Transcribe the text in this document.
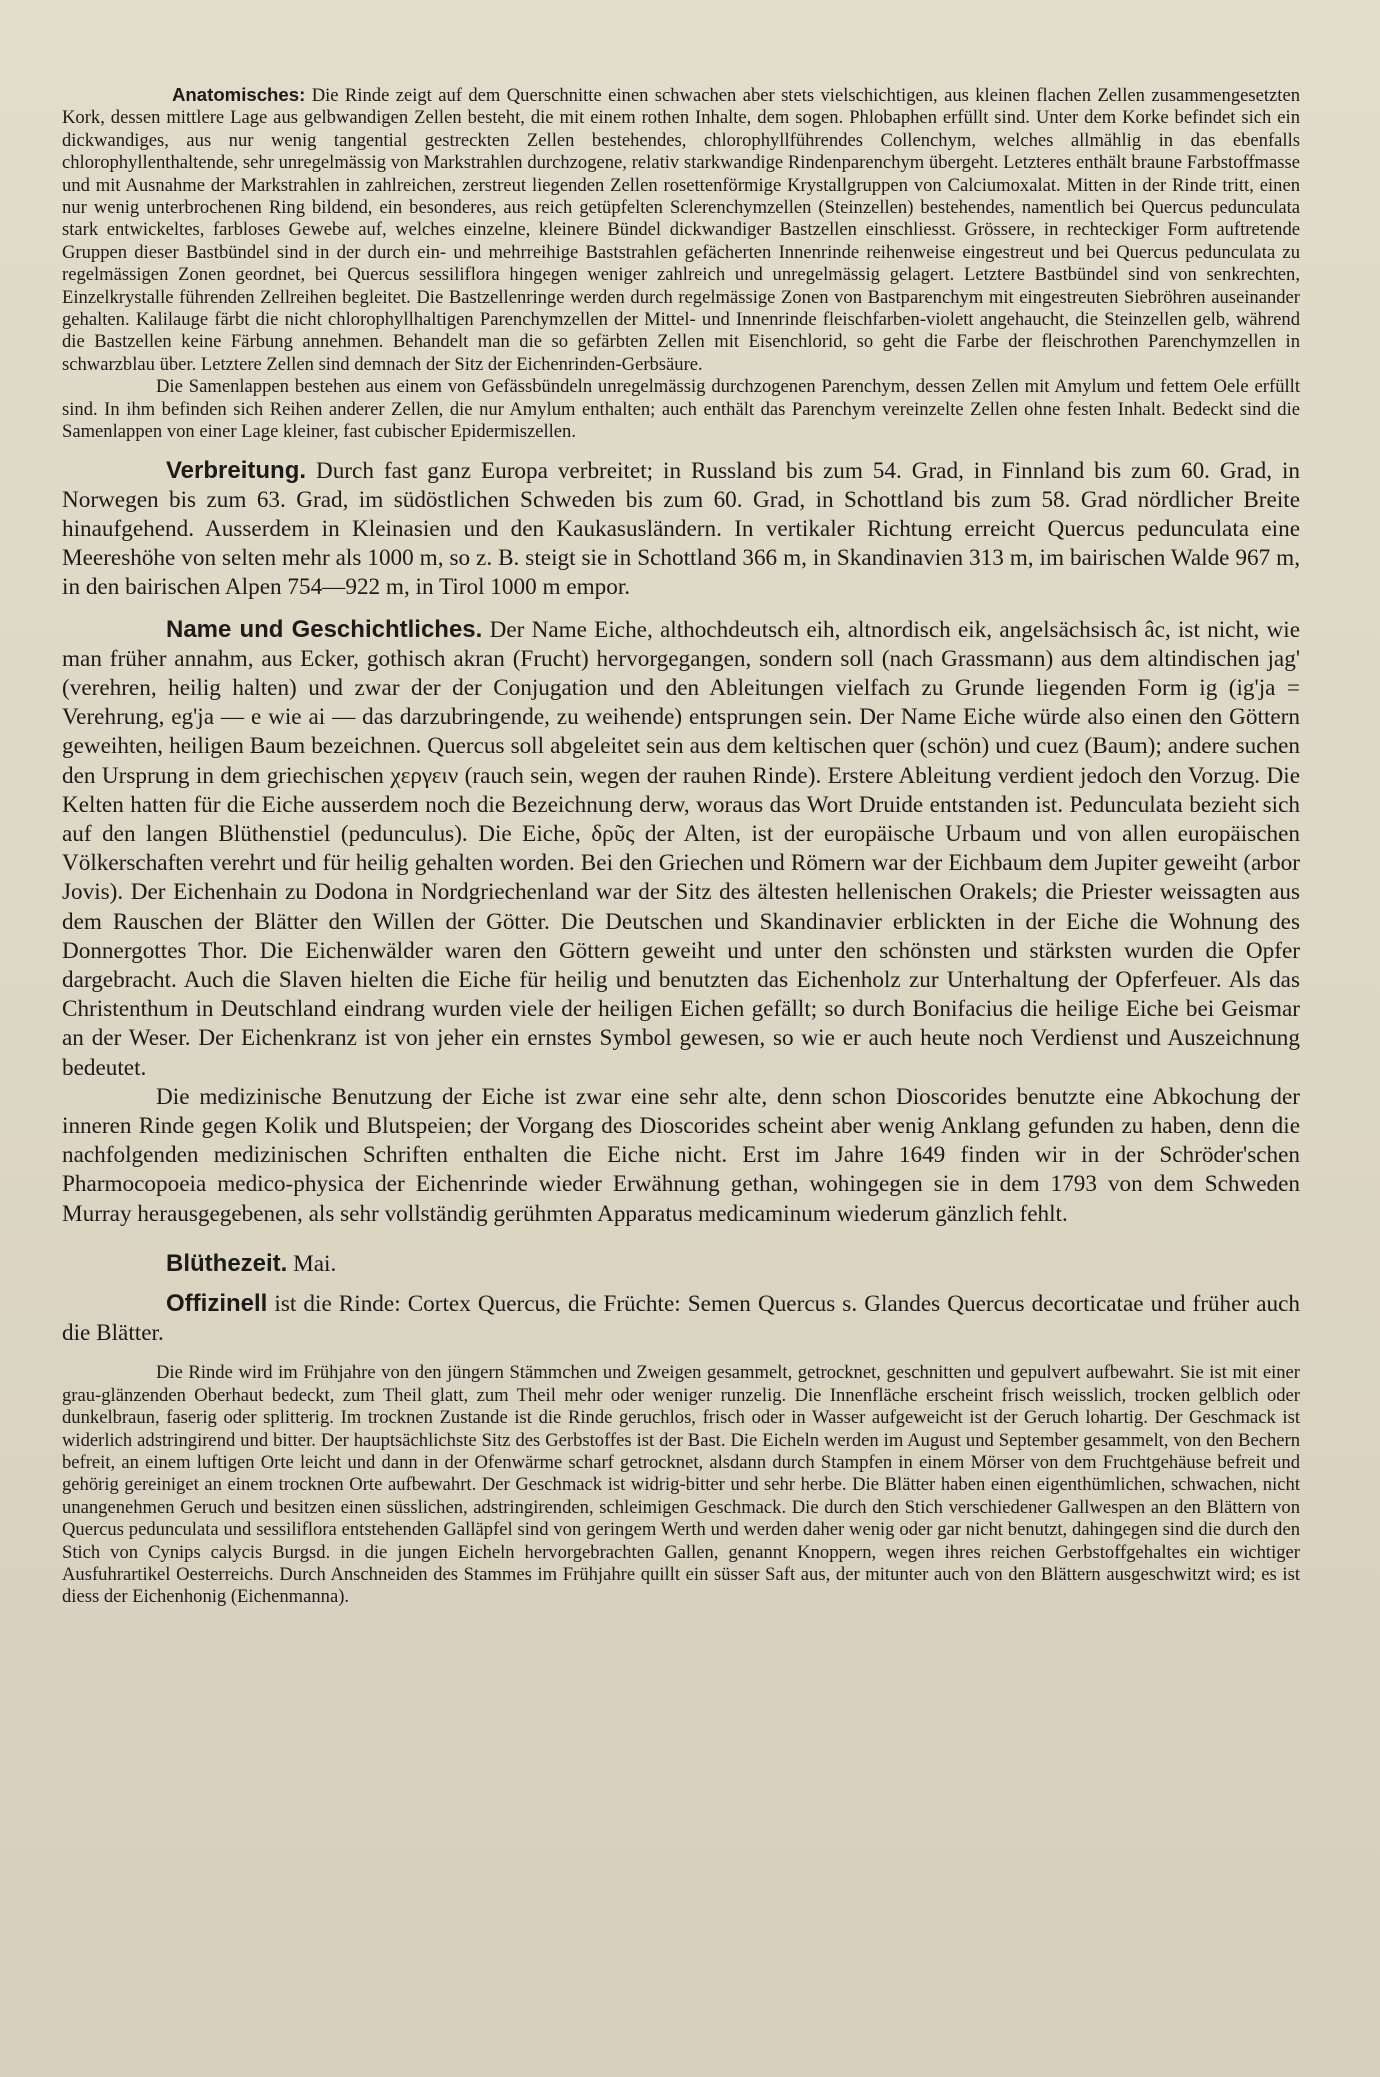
Anatomisches: Die Rinde zeigt auf dem Querschnitte einen schwachen aber stets vielschichtigen, aus kleinen flachen Zellen zusammengesetzten Kork, dessen mittlere Lage aus gelbwandigen Zellen besteht, die mit einem rothen Inhalte, dem sogen. Phlobaphen erfüllt sind. Unter dem Korke befindet sich ein dickwandiges, aus nur wenig tangential gestreckten Zellen bestehendes, chlorophyllführendes Collenchym, welches allmählig in das ebenfalls chlorophyllenthaltende, sehr unregelmässig von Markstrahlen durchzogene, relativ starkwandige Rindenparenchym übergeht. Letzteres enthält braune Farbstoffmasse und mit Ausnahme der Markstrahlen in zahlreichen, zerstreut liegenden Zellen rosettenförmige Krystallgruppen von Calciumoxalat. Mitten in der Rinde tritt, einen nur wenig unterbrochenen Ring bildend, ein besonderes, aus reich getüpfelten Sclerenchymzellen (Steinzellen) bestehendes, namentlich bei Quercus pedunculata stark entwickeltes, farbloses Gewebe auf, welches einzelne, kleinere Bündel dickwandiger Bastzellen einschliesst. Grössere, in rechteckiger Form auftretende Gruppen dieser Bastbündel sind in der durch ein- und mehrreihige Baststrahlen gefächerten Innenrinde reihenweise eingestreut und bei Quercus pedunculata zu regelmässigen Zonen geordnet, bei Quercus sessiliflora hingegen weniger zahlreich und unregelmässig gelagert. Letztere Bastbündel sind von senkrechten, Einzelkrystalle führenden Zellreihen begleitet. Die Bastzellenringe werden durch regelmässige Zonen von Bastparenchym mit eingestreuten Siebröhren auseinander gehalten. Kalilauge färbt die nicht chlorophyllhaltigen Parenchymzellen der Mittel- und Innenrinde fleischfarben-violett angehaucht, die Steinzellen gelb, während die Bastzellen keine Färbung annehmen. Behandelt man die so gefärbten Zellen mit Eisenchlorid, so geht die Farbe der fleischrothen Parenchymzellen in schwarzblau über. Letztere Zellen sind demnach der Sitz der Eichenrinden-Gerbsäure.

Die Samenlappen bestehen aus einem von Gefässbündeln unregelmässig durchzogenen Parenchym, dessen Zellen mit Amylum und fettem Oele erfüllt sind. In ihm befinden sich Reihen anderer Zellen, die nur Amylum enthalten; auch enthält das Parenchym vereinzelte Zellen ohne festen Inhalt. Bedeckt sind die Samenlappen von einer Lage kleiner, fast cubischer Epidermiszellen.

Verbreitung. Durch fast ganz Europa verbreitet; in Russland bis zum 54. Grad, in Finnland bis zum 60. Grad, in Norwegen bis zum 63. Grad, im südöstlichen Schweden bis zum 60. Grad, in Schottland bis zum 58. Grad nördlicher Breite hinaufgehend. Ausserdem in Kleinasien und den Kaukasusländern. In vertikaler Richtung erreicht Quercus pedunculata eine Meereshöhe von selten mehr als 1000 m, so z. B. steigt sie in Schottland 366 m, in Skandinavien 313 m, im bairischen Walde 967 m, in den bairischen Alpen 754—922 m, in Tirol 1000 m empor.

Name und Geschichtliches. Der Name Eiche, althochdeutsch eih, altnordisch eik, angelsächsisch âc, ist nicht, wie man früher annahm, aus Ecker, gothisch akran (Frucht) hervorgegangen, sondern soll (nach Grassmann) aus dem altindischen jag' (verehren, heilig halten) und zwar der der Conjugation und den Ableitungen vielfach zu Grunde liegenden Form ig (ig'ja = Verehrung, eg'ja — e wie ai — das darzubringende, zu weihende) entsprungen sein. Der Name Eiche würde also einen den Göttern geweihten, heiligen Baum bezeichnen. Quercus soll abgeleitet sein aus dem keltischen quer (schön) und cuez (Baum); andere suchen den Ursprung in dem griechischen χεργειν (rauch sein, wegen der rauhen Rinde). Erstere Ableitung verdient jedoch den Vorzug. Die Kelten hatten für die Eiche ausserdem noch die Bezeichnung derw, woraus das Wort Druide entstanden ist. Pedunculata bezieht sich auf den langen Blüthenstiel (pedunculus). Die Eiche, δρῦς der Alten, ist der europäische Urbaum und von allen europäischen Völkerschaften verehrt und für heilig gehalten worden. Bei den Griechen und Römern war der Eichbaum dem Jupiter geweiht (arbor Jovis). Der Eichenhain zu Dodona in Nordgriechenland war der Sitz des ältesten hellenischen Orakels; die Priester weissagten aus dem Rauschen der Blätter den Willen der Götter. Die Deutschen und Skandinavier erblickten in der Eiche die Wohnung des Donnergottes Thor. Die Eichenwälder waren den Göttern geweiht und unter den schönsten und stärksten wurden die Opfer dargebracht. Auch die Slaven hielten die Eiche für heilig und benutzten das Eichenholz zur Unterhaltung der Opferfeuer. Als das Christenthum in Deutschland eindrang wurden viele der heiligen Eichen gefällt; so durch Bonifacius die heilige Eiche bei Geismar an der Weser. Der Eichenkranz ist von jeher ein ernstes Symbol gewesen, so wie er auch heute noch Verdienst und Auszeichnung bedeutet.

Die medizinische Benutzung der Eiche ist zwar eine sehr alte, denn schon Dioscorides benutzte eine Abkochung der inneren Rinde gegen Kolik und Blutspeien; der Vorgang des Dioscorides scheint aber wenig Anklang gefunden zu haben, denn die nachfolgenden medizinischen Schriften enthalten die Eiche nicht. Erst im Jahre 1649 finden wir in der Schröder'schen Pharmocopoeia medico-physica der Eichenrinde wieder Erwähnung gethan, wohingegen sie in dem 1793 von dem Schweden Murray herausgegebenen, als sehr vollständig gerühmten Apparatus medicaminum wiederum gänzlich fehlt.

Blüthezeit. Mai.

Offizinell ist die Rinde: Cortex Quercus, die Früchte: Semen Quercus s. Glandes Quercus decorticatae und früher auch die Blätter.

Die Rinde wird im Frühjahre von den jüngern Stämmchen und Zweigen gesammelt, getrocknet, geschnitten und gepulvert aufbewahrt. Sie ist mit einer grau-glänzenden Oberhaut bedeckt, zum Theil glatt, zum Theil mehr oder weniger runzelig. Die Innenfläche erscheint frisch weisslich, trocken gelblich oder dunkelbraun, faserig oder splitterig. Im trocknen Zustande ist die Rinde geruchlos, frisch oder in Wasser aufgeweicht ist der Geruch lohartig. Der Geschmack ist widerlich adstringirend und bitter. Der hauptsächlichste Sitz des Gerbstoffes ist der Bast. Die Eicheln werden im August und September gesammelt, von den Bechern befreit, an einem luftigen Orte leicht und dann in der Ofenwärme scharf getrocknet, alsdann durch Stampfen in einem Mörser von dem Fruchtgehäuse befreit und gehörig gereiniget an einem trocknen Orte aufbewahrt. Der Geschmack ist widrig-bitter und sehr herbe. Die Blätter haben einen eigenthümlichen, schwachen, nicht unangenehmen Geruch und besitzen einen süsslichen, adstringirenden, schleimigen Geschmack. Die durch den Stich verschiedener Gallwespen an den Blättern von Quercus pedunculata und sessiliflora entstehenden Galläpfel sind von geringem Werth und werden daher wenig oder gar nicht benutzt, dahingegen sind die durch den Stich von Cynips calycis Burgsd. in die jungen Eicheln hervorgebrachten Gallen, genannt Knoppern, wegen ihres reichen Gerbstoffgehaltes ein wichtiger Ausfuhrartikel Oesterreichs. Durch Anschneiden des Stammes im Frühjahre quillt ein süsser Saft aus, der mitunter auch von den Blättern ausgeschwitzt wird; es ist diess der Eichenhonig (Eichenmanna).
